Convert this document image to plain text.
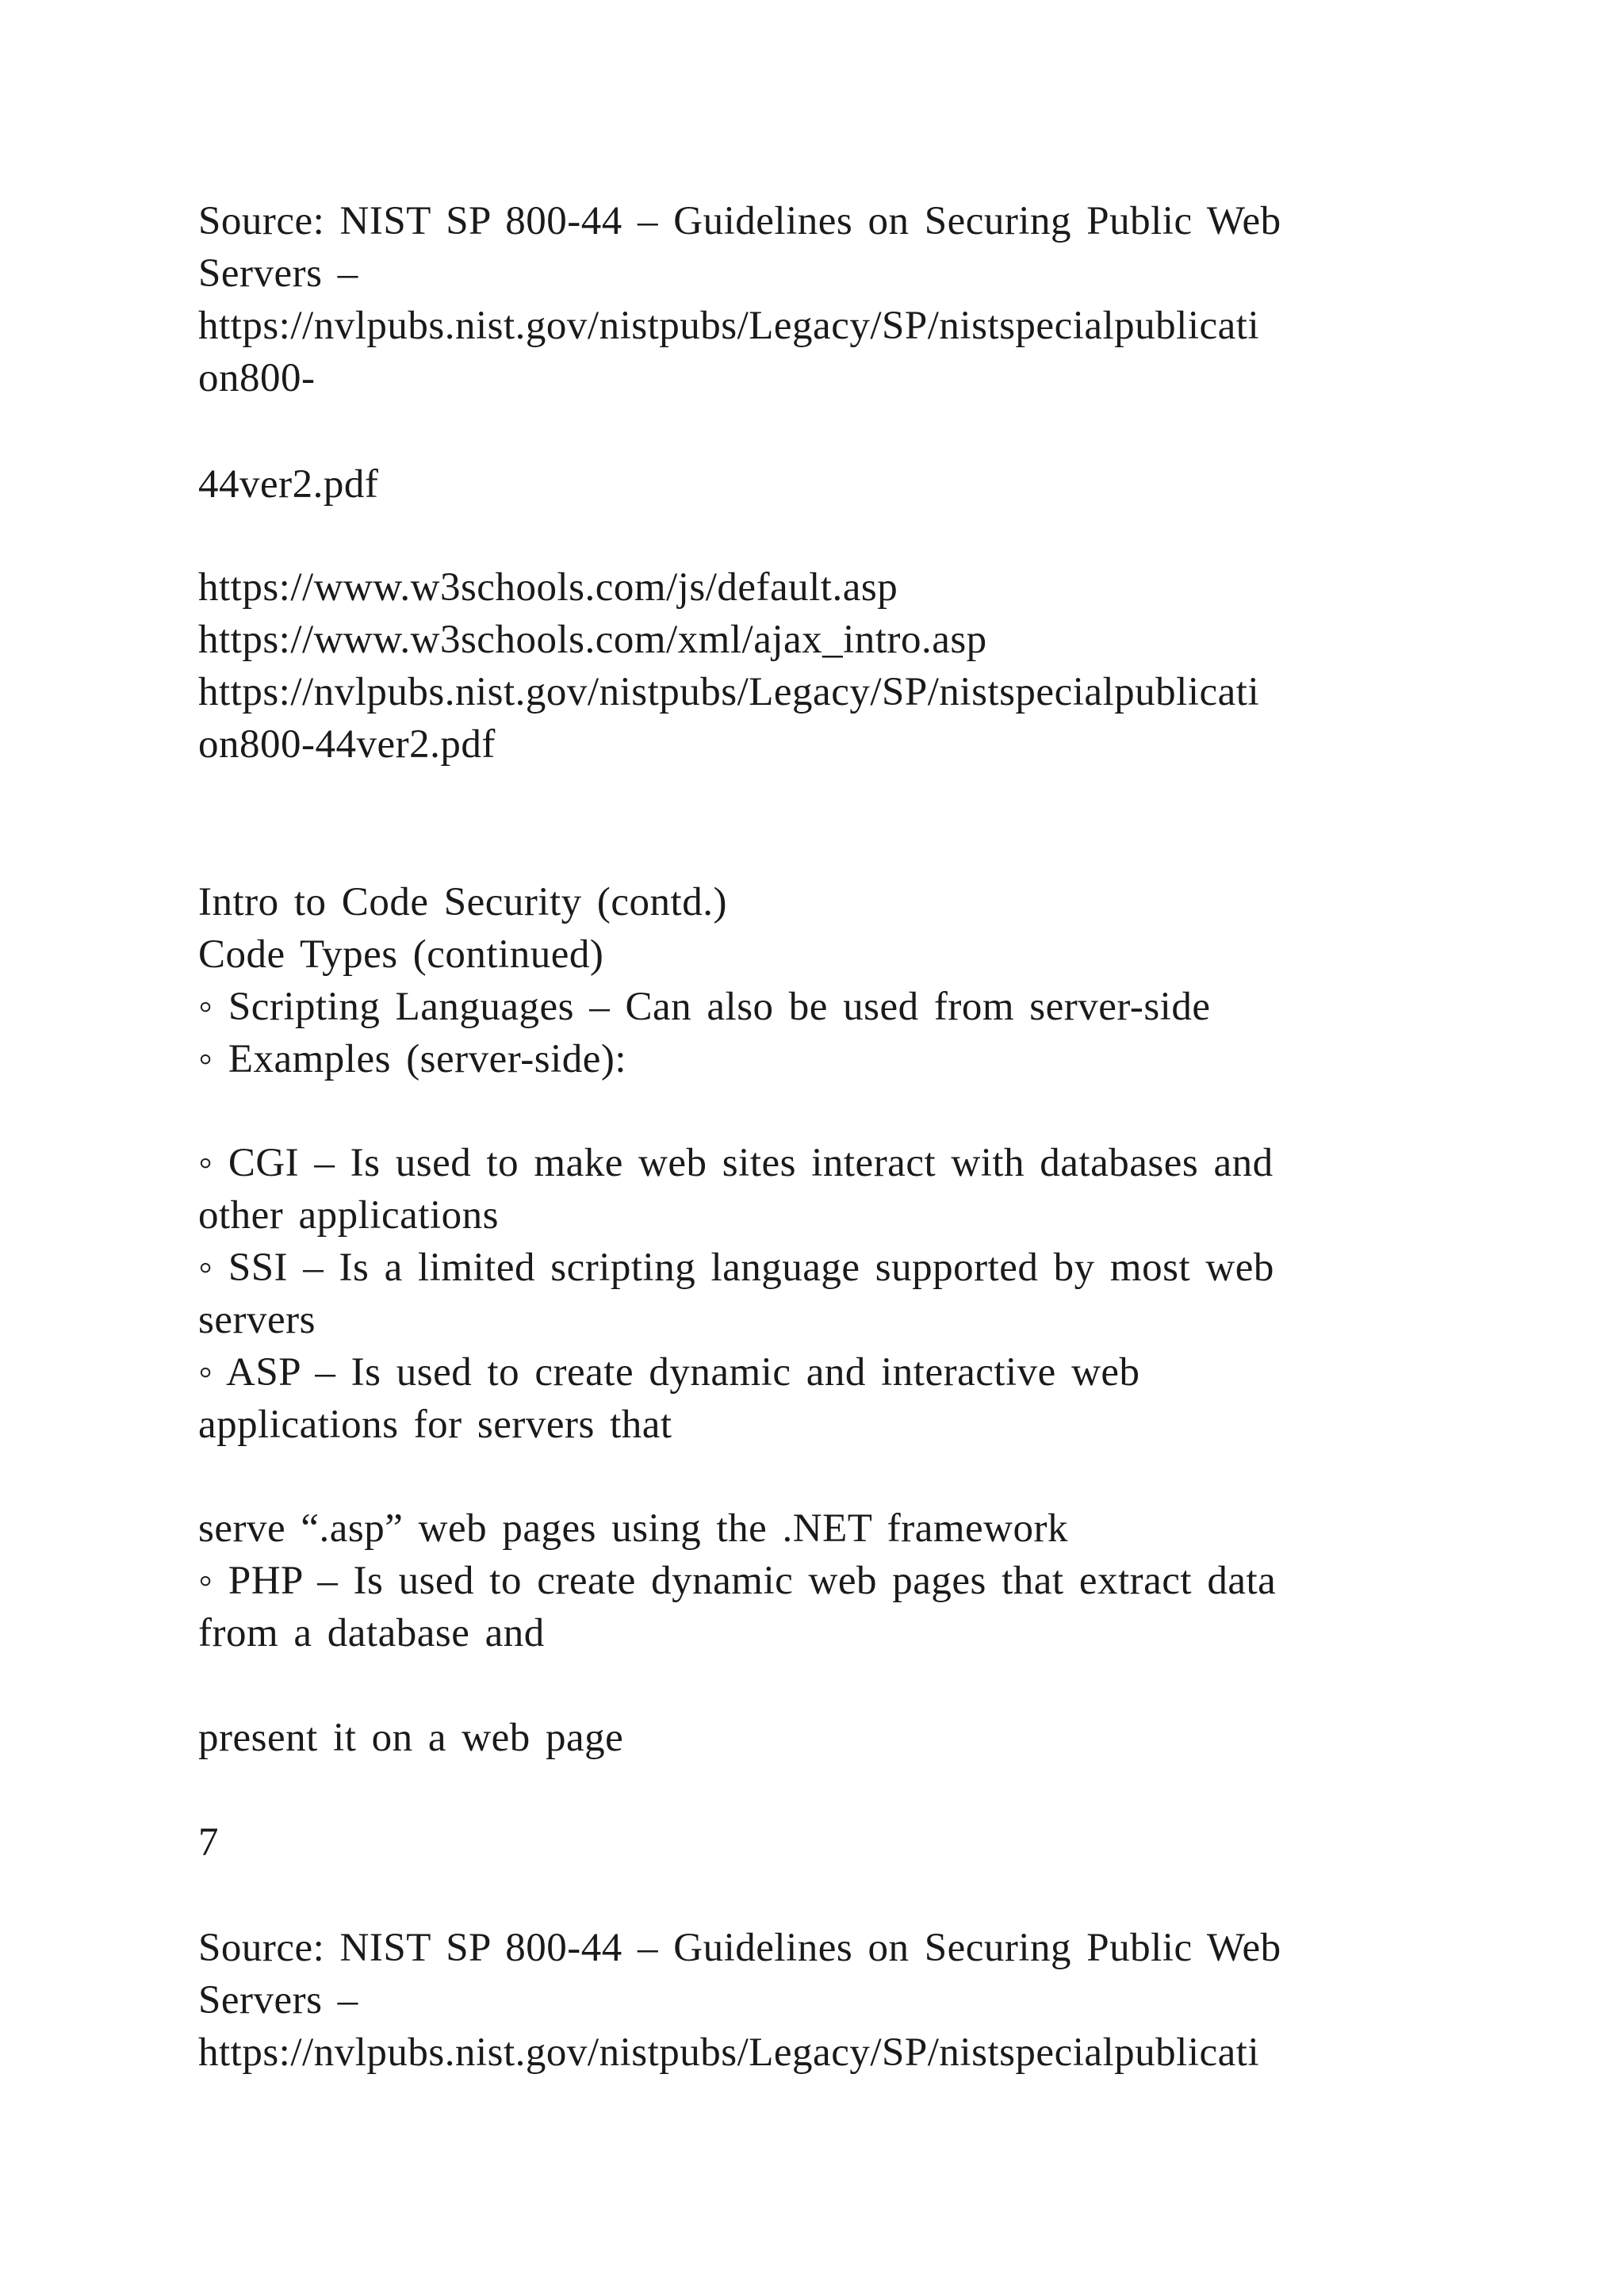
Source: NIST SP 800-44 – Guidelines on Securing Public Web
Servers –
https://nvlpubs.nist.gov/nistpubs/Legacy/SP/nistspecialpublicati
on800-
44ver2.pdf
https://www.w3schools.com/js/default.asp
https://www.w3schools.com/xml/ajax_intro.asp
https://nvlpubs.nist.gov/nistpubs/Legacy/SP/nistspecialpublicati
on800-44ver2.pdf
Intro to Code Security (contd.)
Code Types (continued)
◦ Scripting Languages – Can also be used from server-side
◦ Examples (server-side):
◦ CGI – Is used to make web sites interact with databases and
other applications
◦ SSI – Is a limited scripting language supported by most web
servers
◦ ASP – Is used to create dynamic and interactive web
applications for servers that
serve “.asp” web pages using the .NET framework
◦ PHP – Is used to create dynamic web pages that extract data
from a database and
present it on a web page
7
Source: NIST SP 800-44 – Guidelines on Securing Public Web
Servers –
https://nvlpubs.nist.gov/nistpubs/Legacy/SP/nistspecialpublicati
